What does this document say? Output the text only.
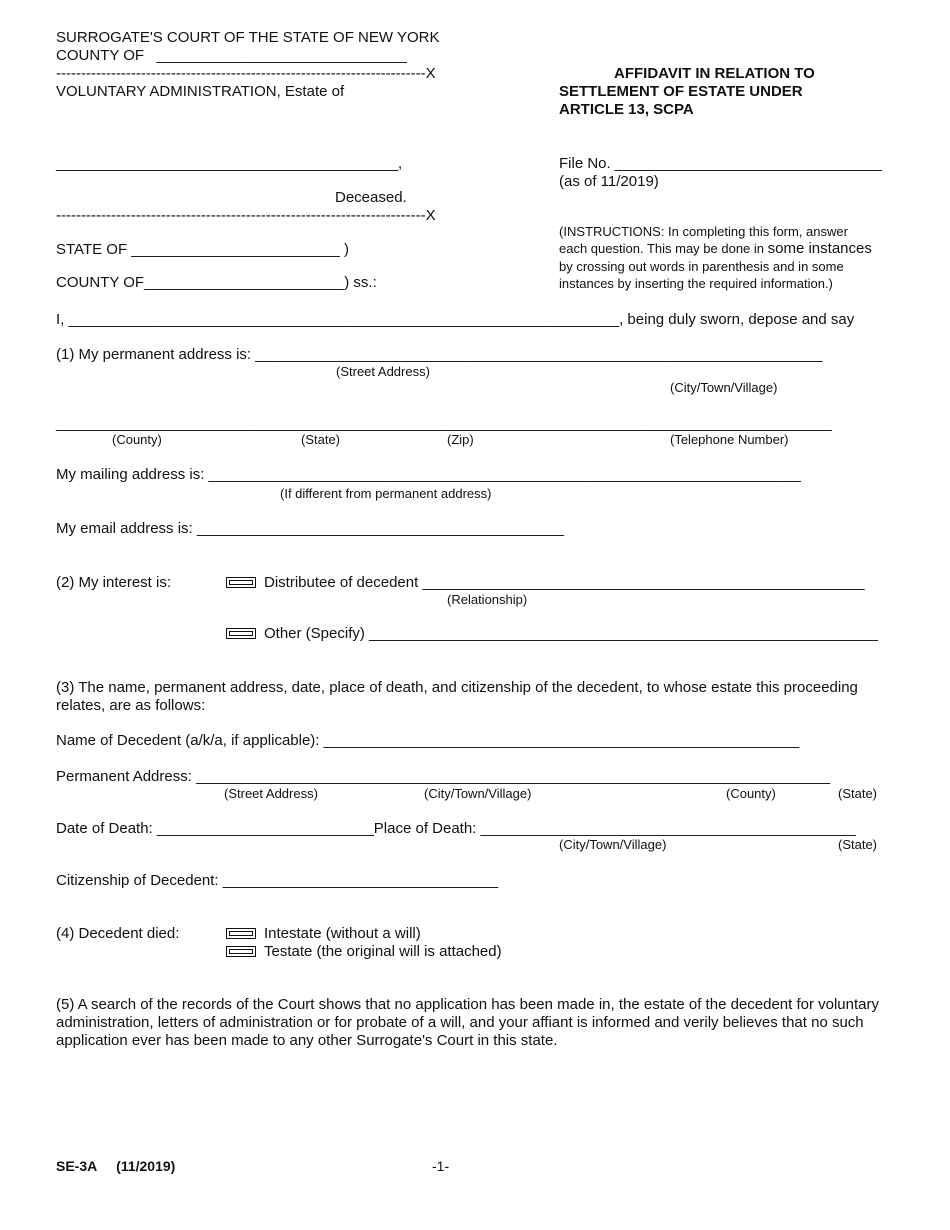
SURROGATE'S COURT OF THE STATE OF NEW YORK
COUNTY OF   ______________________________
--------------------------------------------------------------------------X
VOLUNTARY ADMINISTRATION, Estate of
_________________________________________,
Deceased.
--------------------------------------------------------------------------X
AFFIDAVIT IN RELATION TO
SETTLEMENT OF ESTATE UNDER
ARTICLE 13, SCPA
File No. ________________________________
(as of 11/2019)
(INSTRUCTIONS: In completing this form, answer
each question. This may be done in some instances
by crossing out words in parenthesis and in some
instances by inserting the required information.)
STATE OF _________________________ )
COUNTY OF________________________) ss.:
I, __________________________________________________________________, being duly sworn, depose and say
(1) My permanent address is: ____________________________________________________________________
(Street Address)
(City/Town/Village)
_____________________________________________________________________________________________
(County)	(State)	(Zip)	(Telephone Number)
My mailing address is: _______________________________________________________________________
(If different from permanent address)
My email address is: ____________________________________________
(2) My interest is:	Distributee of decedent _____________________________________________________
(Relationship)
Other (Specify) _____________________________________________________________
(3) The name, permanent address, date, place of death, and citizenship of the decedent, to whose estate this proceeding
relates, are as follows:
Name of Decedent (a/k/a, if applicable): _________________________________________________________
Permanent Address: ____________________________________________________________________________
(Street Address)	(City/Town/Village)	(County)	(State)
Date of Death: __________________________Place of Death: _____________________________________________
(City/Town/Village)	(State)
Citizenship of Decedent: _________________________________
(4) Decedent died:	Intestate (without a will)
Testate (the original will is attached)
(5) A search of the records of the Court shows that no application has been made in, the estate of the decedent for voluntary
administration, letters of administration or for probate of a will, and your affiant is informed and verily believes that no such
application ever has been made to any other Surrogate's Court in this state.
SE-3A     (11/2019)	-1-
